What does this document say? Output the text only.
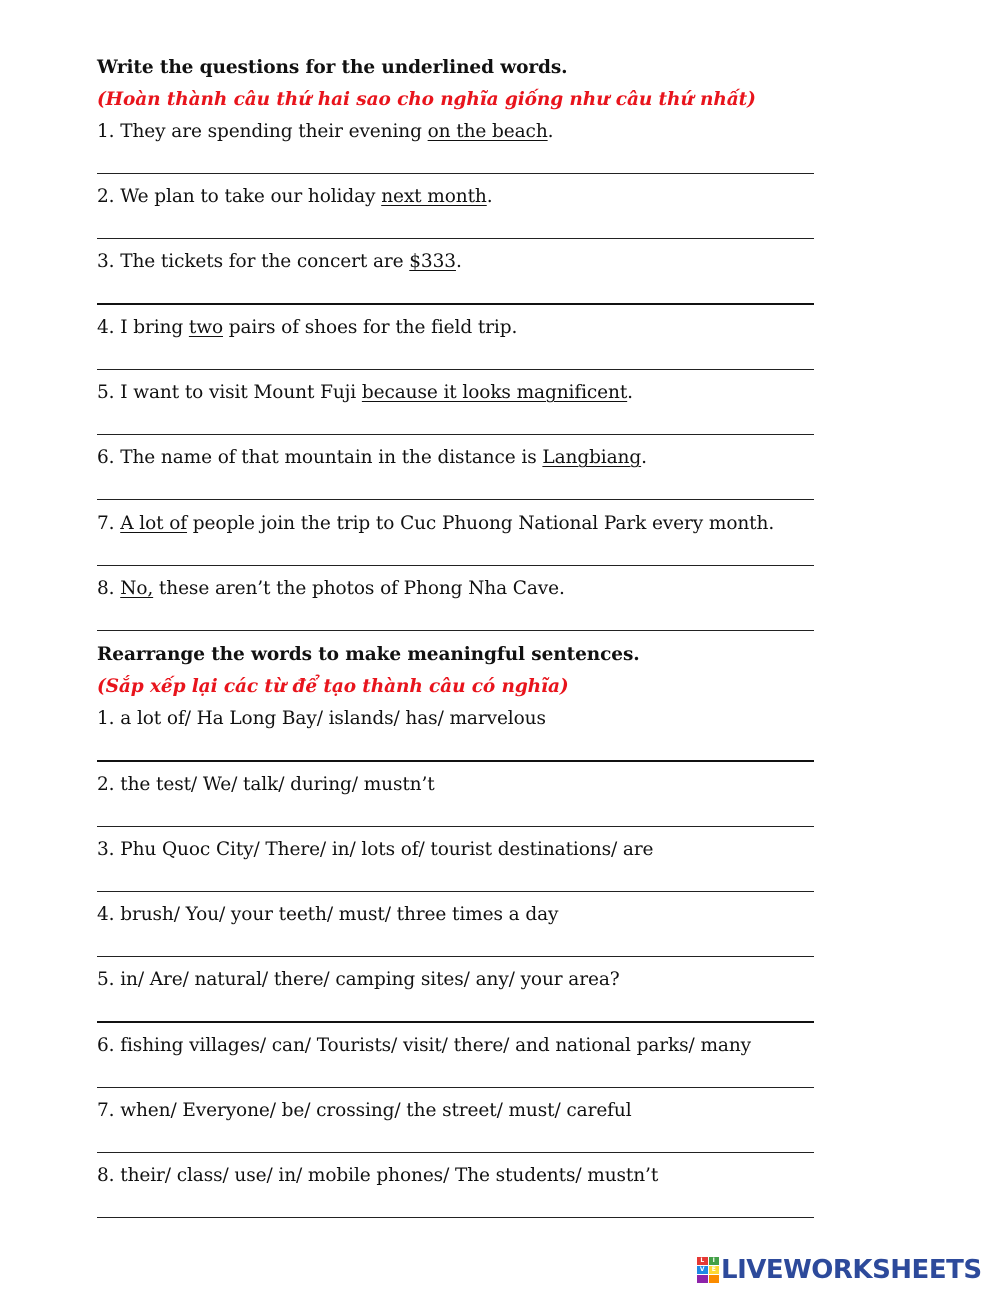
Write the questions for the underlined words.
(Hoàn thành câu thứ hai sao cho nghĩa giống như câu thứ nhất)
1. They are spending their evening on the beach.
2. We plan to take our holiday next month.
3. The tickets for the concert are $333.
4. I bring two pairs of shoes for the field trip.
5. I want to visit Mount Fuji because it looks magnificent.
6. The name of that mountain in the distance is Langbiang.
7. A lot of people join the trip to Cuc Phuong National Park every month.
8. No, these aren’t the photos of Phong Nha Cave.
Rearrange the words to make meaningful sentences.
(Sắp xếp lại các từ để tạo thành câu có nghĩa)
1. a lot of/ Ha Long Bay/ islands/ has/ marvelous
2. the test/ We/ talk/ during/ mustn’t
3. Phu Quoc City/ There/ in/ lots of/ tourist destinations/ are
4. brush/ You/ your teeth/ must/ three times a day
5. in/ Are/ natural/ there/ camping sites/ any/ your area?
6. fishing villages/ can/ Tourists/ visit/ there/ and national parks/ many
7. when/ Everyone/ be/ crossing/ the street/ must/ careful
8. their/ class/ use/ in/ mobile phones/ The students/ mustn’t
L	I
V	E LIVEWORKSHEETS
